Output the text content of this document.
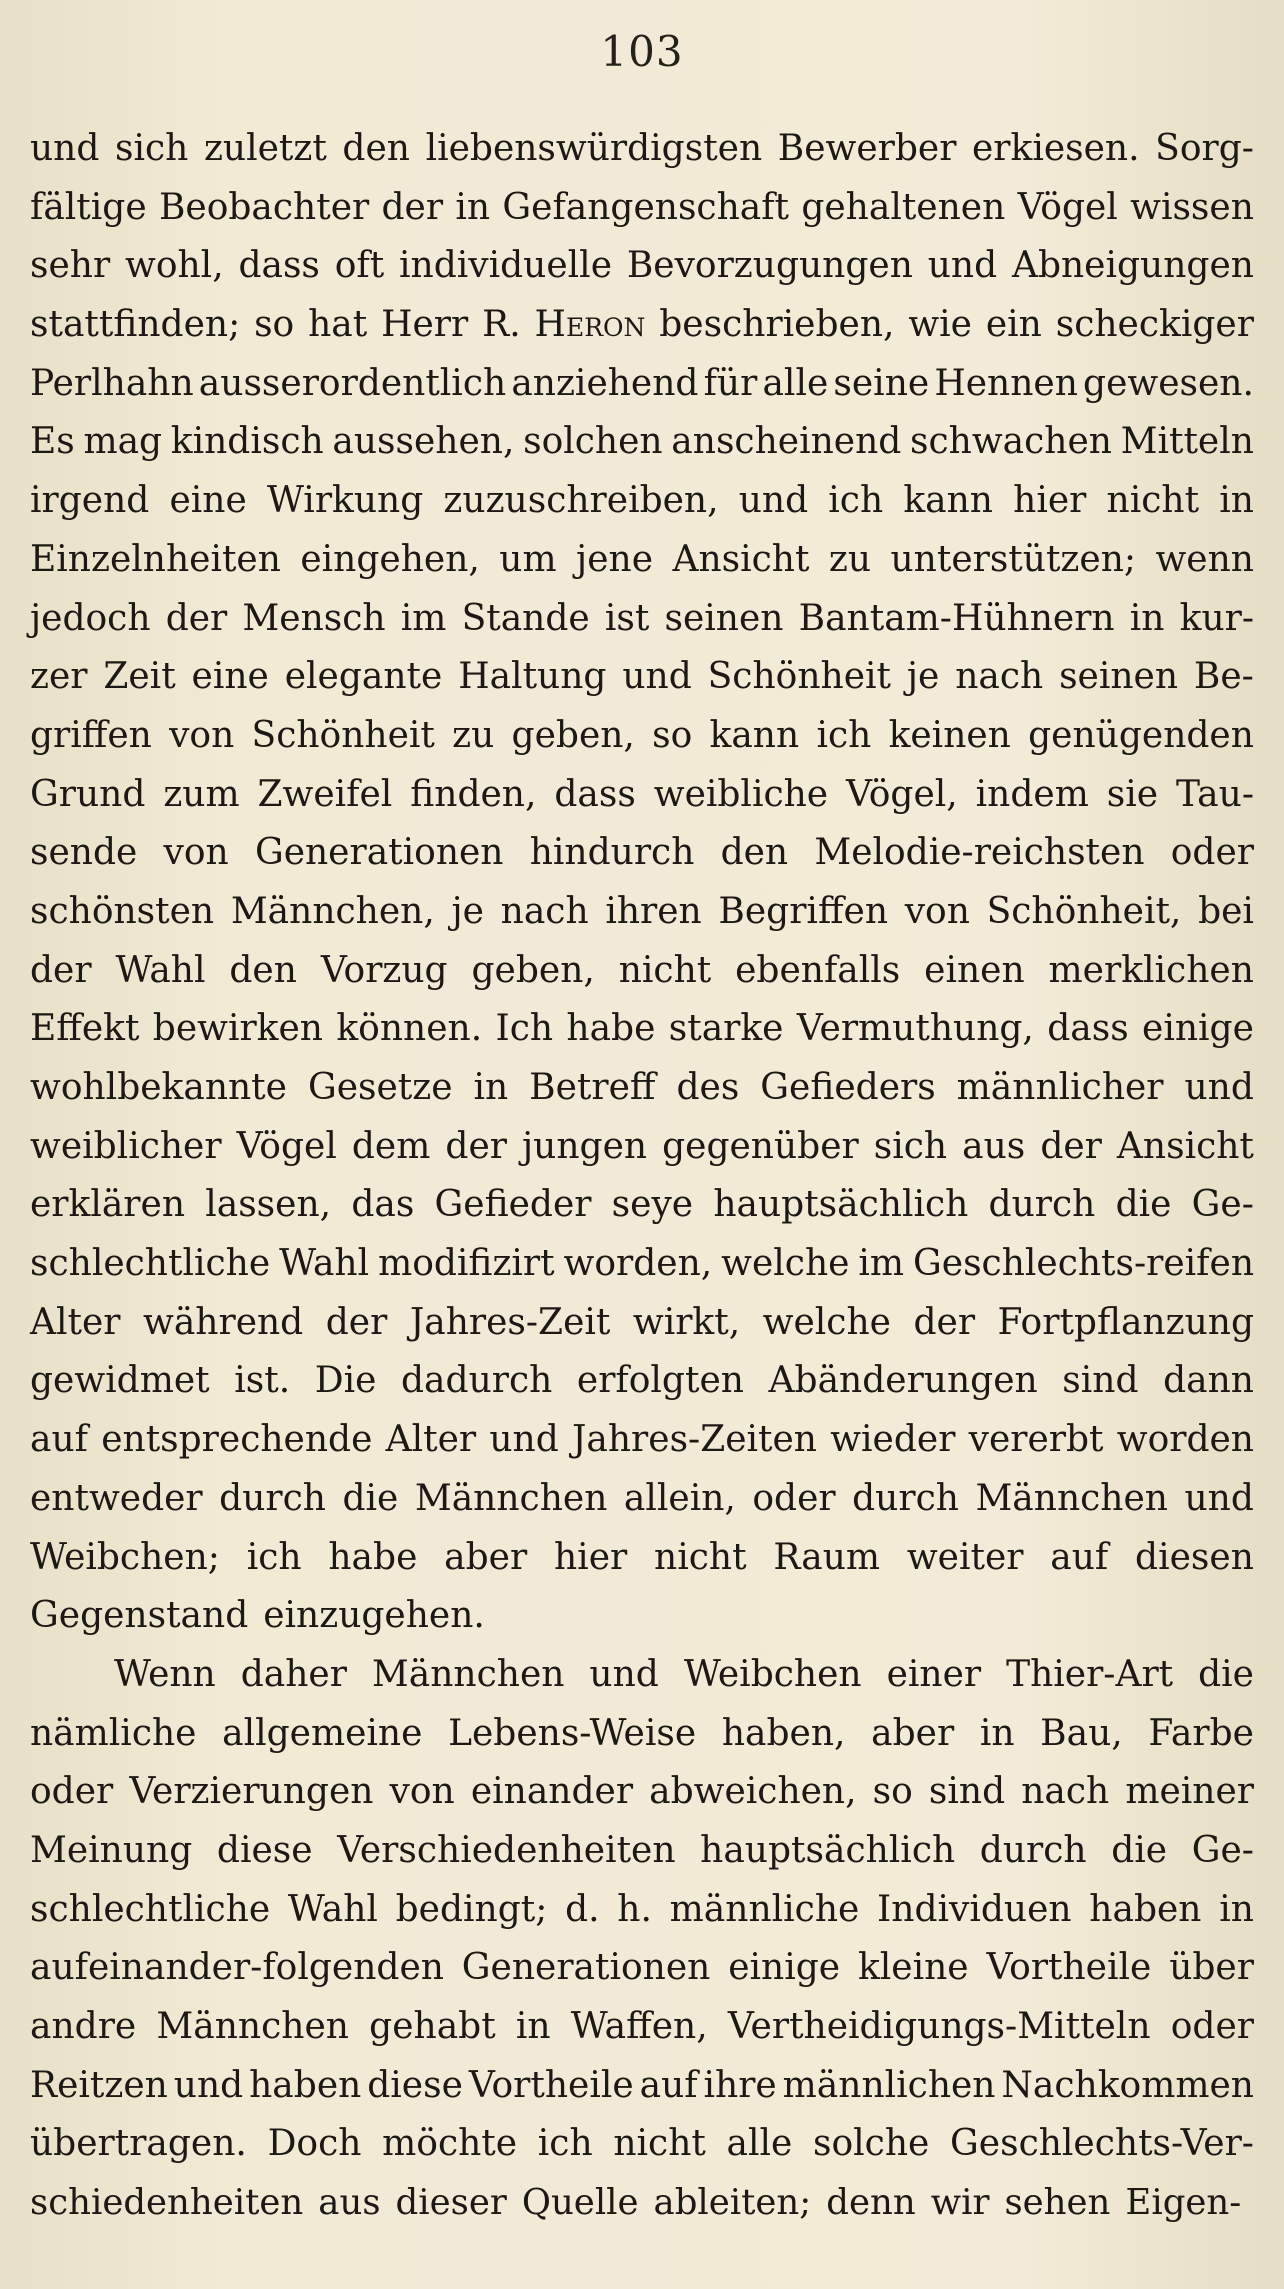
103
und sich zuletzt den liebenswürdigsten Bewerber erkiesen. Sorg-
fältige Beobachter der in Gefangenschaft gehaltenen Vögel wissen
sehr wohl, dass oft individuelle Bevorzugungen und Abneigungen
stattfinden; so hat Herr R. Heron beschrieben, wie ein scheckiger
Perlhahn ausserordentlich anziehend für alle seine Hennen gewesen.
Es mag kindisch aussehen, solchen anscheinend schwachen Mitteln
irgend eine Wirkung zuzuschreiben, und ich kann hier nicht in
Einzelnheiten eingehen, um jene Ansicht zu unterstützen; wenn
jedoch der Mensch im Stande ist seinen Bantam-Hühnern in kur-
zer Zeit eine elegante Haltung und Schönheit je nach seinen Be-
griffen von Schönheit zu geben, so kann ich keinen genügenden
Grund zum Zweifel finden, dass weibliche Vögel, indem sie Tau-
sende von Generationen hindurch den Melodie-reichsten oder
schönsten Männchen, je nach ihren Begriffen von Schönheit, bei
der Wahl den Vorzug geben, nicht ebenfalls einen merklichen
Effekt bewirken können. Ich habe starke Vermuthung, dass einige
wohlbekannte Gesetze in Betreff des Gefieders männlicher und
weiblicher Vögel dem der jungen gegenüber sich aus der Ansicht
erklären lassen, das Gefieder seye hauptsächlich durch die Ge-
schlechtliche Wahl modifizirt worden, welche im Geschlechts-reifen
Alter während der Jahres-Zeit wirkt, welche der Fortpflanzung
gewidmet ist. Die dadurch erfolgten Abänderungen sind dann
auf entsprechende Alter und Jahres-Zeiten wieder vererbt worden
entweder durch die Männchen allein, oder durch Männchen und
Weibchen; ich habe aber hier nicht Raum weiter auf diesen
Gegenstand einzugehen.
Wenn daher Männchen und Weibchen einer Thier-Art die
nämliche allgemeine Lebens-Weise haben, aber in Bau, Farbe
oder Verzierungen von einander abweichen, so sind nach meiner
Meinung diese Verschiedenheiten hauptsächlich durch die Ge-
schlechtliche Wahl bedingt; d. h. männliche Individuen haben in
aufeinander-folgenden Generationen einige kleine Vortheile über
andre Männchen gehabt in Waffen, Vertheidigungs-Mitteln oder
Reitzen und haben diese Vortheile auf ihre männlichen Nachkommen
übertragen. Doch möchte ich nicht alle solche Geschlechts-Ver-
schiedenheiten aus dieser Quelle ableiten; denn wir sehen Eigen-
